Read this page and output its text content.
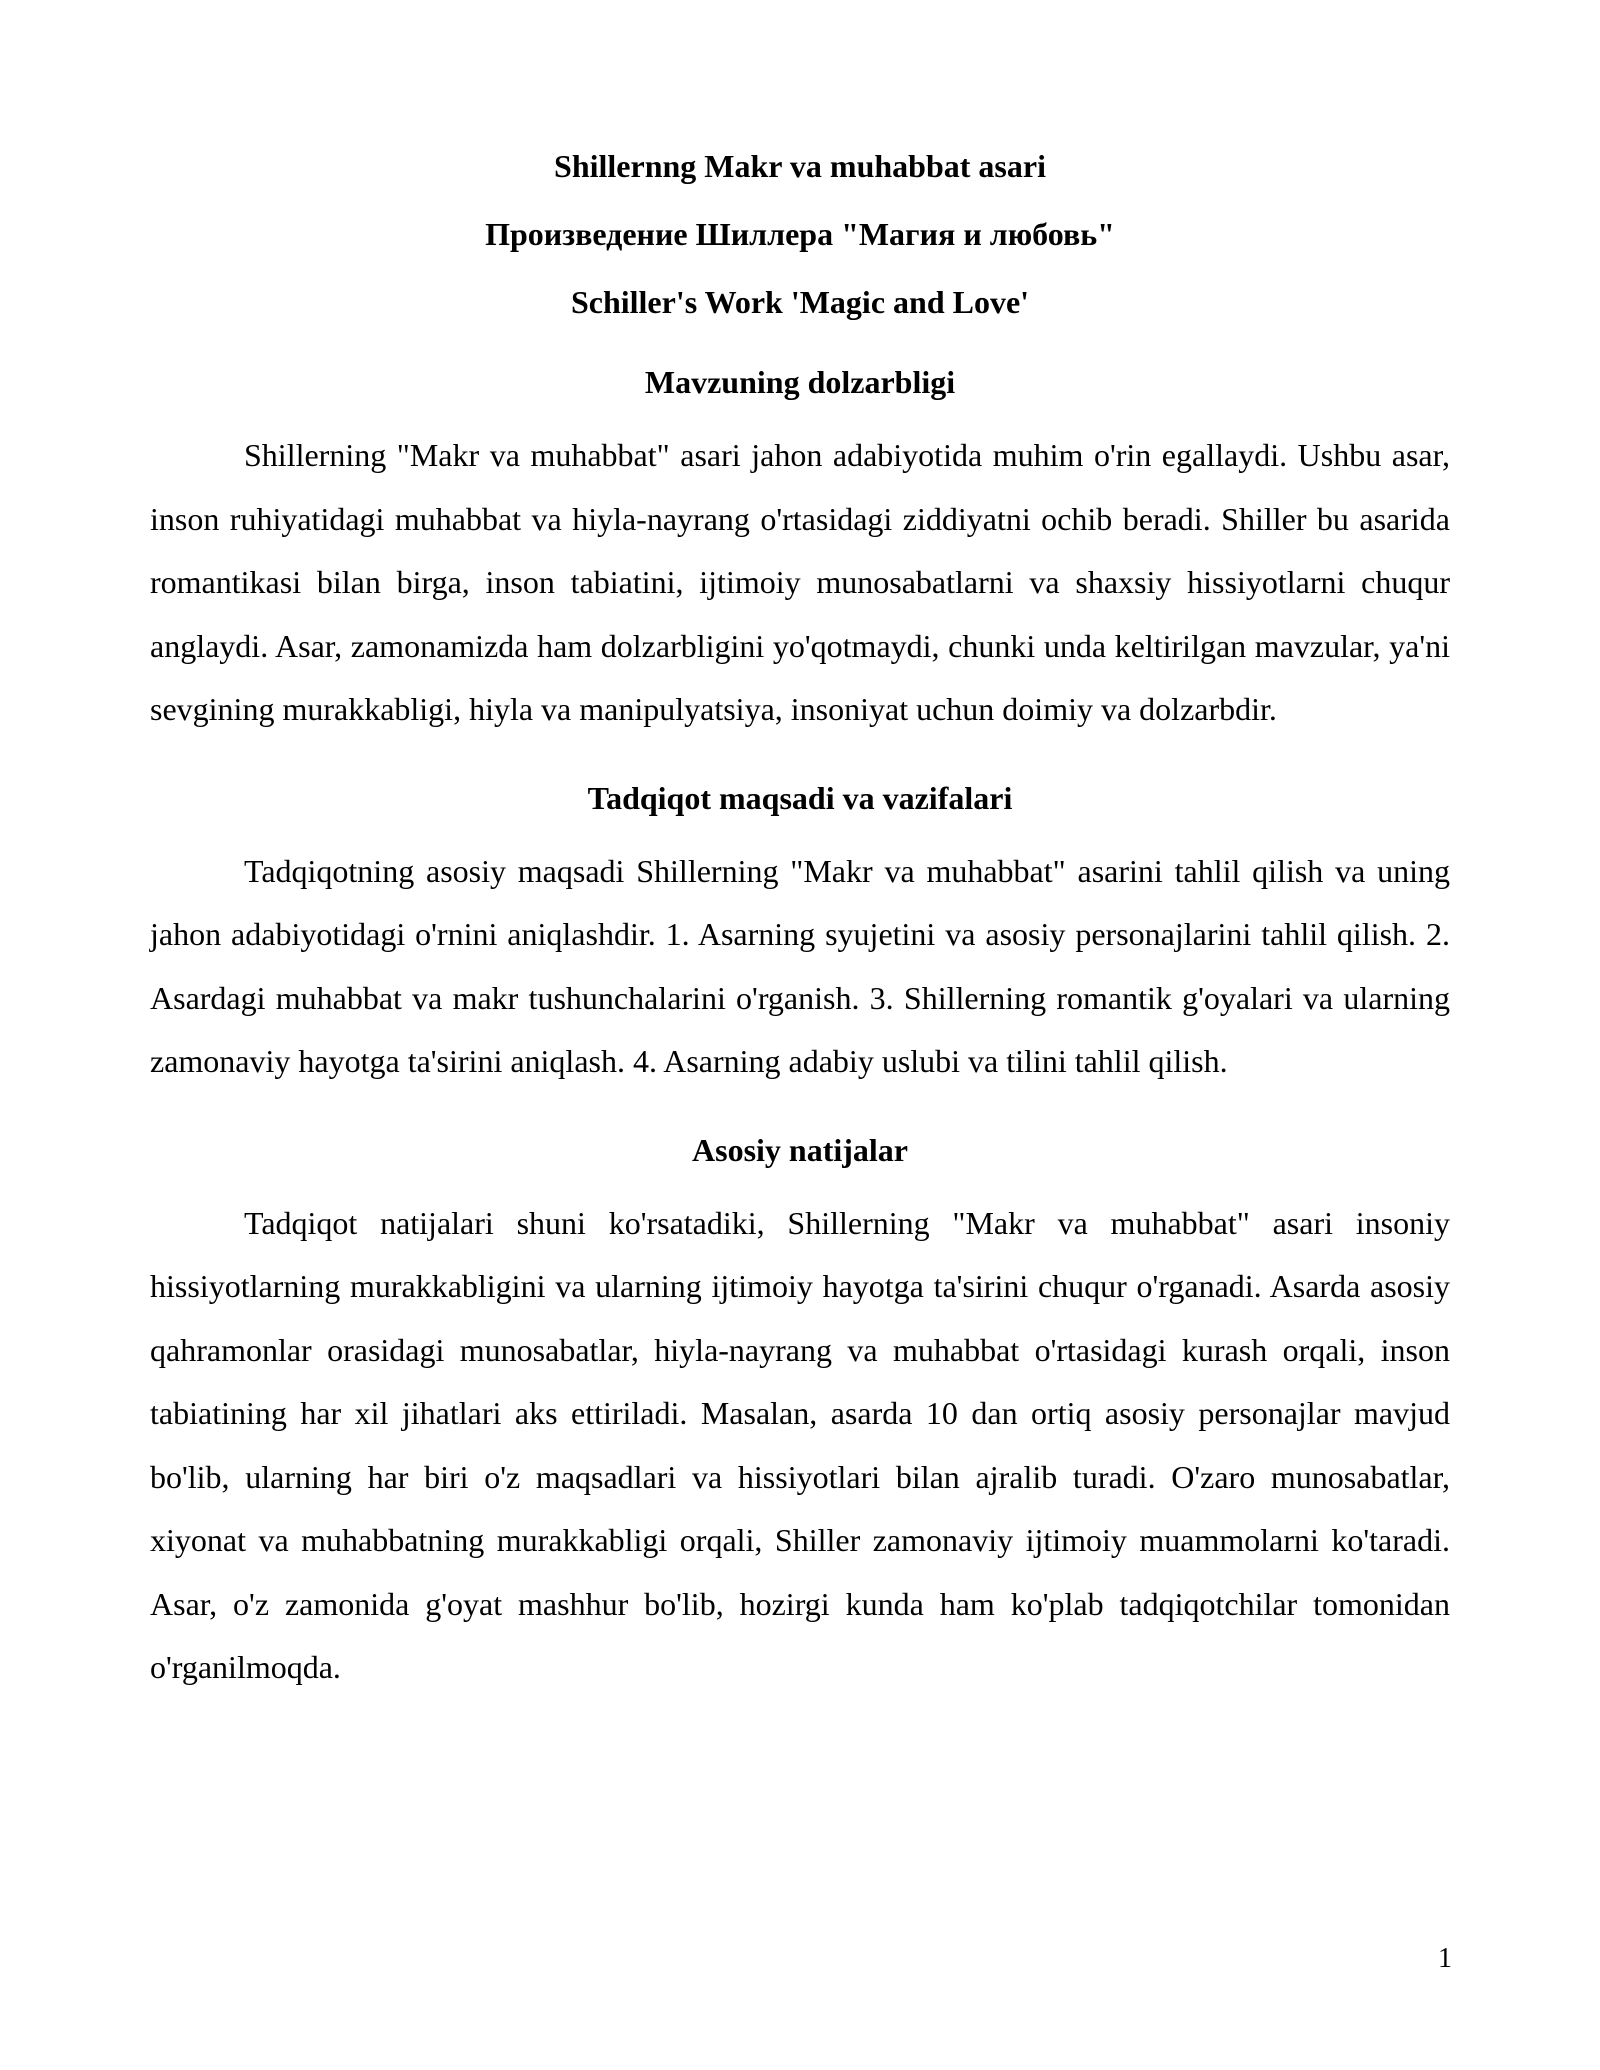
Shillernng Makr va muhabbat asari

Произведение Шиллера "Магия и любовь"

Schiller's Work 'Magic and Love'

Mavzuning dolzarbligi

Shillerning "Makr va muhabbat" asari jahon adabiyotida muhim o'rin egallaydi. Ushbu asar, inson ruhiyatidagi muhabbat va hiyla-nayrang o'rtasidagi ziddiyatni ochib beradi. Shiller bu asarida romantikasi bilan birga, inson tabiatini, ijtimoiy munosabatlarni va shaxsiy hissiyotlarni chuqur anglaydi. Asar, zamonamizda ham dolzarbligini yo'qotmaydi, chunki unda keltirilgan mavzular, ya'ni sevgining murakkabligi, hiyla va manipulyatsiya, insoniyat uchun doimiy va dolzarbdir.

Tadqiqot maqsadi va vazifalari

Tadqiqotning asosiy maqsadi Shillerning "Makr va muhabbat" asarini tahlil qilish va uning jahon adabiyotidagi o'rnini aniqlashdir. 1. Asarning syujetini va asosiy personajlarini tahlil qilish. 2. Asardagi muhabbat va makr tushunchalarini o'rganish. 3. Shillerning romantik g'oyalari va ularning zamonaviy hayotga ta'sirini aniqlash. 4. Asarning adabiy uslubi va tilini tahlil qilish.

Asosiy natijalar

Tadqiqot natijalari shuni ko'rsatadiki, Shillerning "Makr va muhabbat" asari insoniy hissiyotlarning murakkabligini va ularning ijtimoiy hayotga ta'sirini chuqur o'rganadi. Asarda asosiy qahramonlar orasidagi munosabatlar, hiyla-nayrang va muhabbat o'rtasidagi kurash orqali, inson tabiatining har xil jihatlari aks ettiriladi. Masalan, asarda 10 dan ortiq asosiy personajlar mavjud bo'lib, ularning har biri o'z maqsadlari va hissiyotlari bilan ajralib turadi. O'zaro munosabatlar, xiyonat va muhabbatning murakkabligi orqali, Shiller zamonaviy ijtimoiy muammolarni ko'taradi. Asar, o'z zamonida g'oyat mashhur bo'lib, hozirgi kunda ham ko'plab tadqiqotchilar tomonidan o'rganilmoqda.

1
